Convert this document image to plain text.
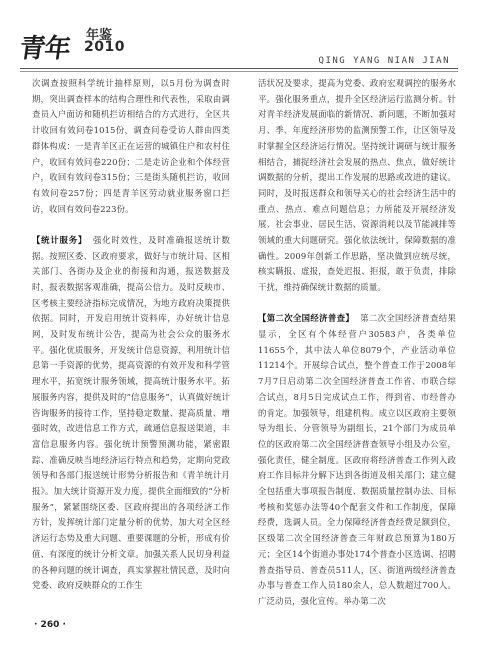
青年 年鉴
2010
QING YANG NIAN JIAN

次调查按照科学统计抽样原则，以5月份为调查时期，突出调查样本的结构合理性和代表性，采取由调查员入户面访和随机拦访相结合的方式进行，全区共计收回有效问卷1015份，调查问卷受访人群由四类群体构成：一是青羊区正在运营的城镇住户和农村住户，收回有效问卷220份；二是走访企业和个体经营户，收回有效问卷315份；三是街头随机拦访，收回有效问卷257份；四是青羊区劳动就业服务窗口拦访，收回有效问卷223份。

【统计服务】 强化时效性，及时准确报送统计数据。按照区委、区政府要求，做好与市统计局、区相关部门、各街办及企业的衔接和沟通，报送数据及时，报表数据客观准确，提高公信力。及时反映市、区考核主要经济指标完成情况，为地方政府决策提供依据。同时，开发启用统计资料库，办好统计信息网，及时发布统计公告，提高为社会公众的服务水平。强化优质服务，开发统计信息资源，利用统计信息第一手资源的优势，提高资源的有效开发和科学管理水平，拓宽统计服务领域，提高统计服务水平。拓展服务内容，提供及时的“信息服务”，认真做好统计咨询服务的接待工作，坚持稳定数量、提高质量、增强时效，改进信息工作方式，疏通信息报送渠道，丰富信息服务内容。强化统计预警预测功能，紧密跟踪、准确反映当地经济运行特点和趋势，定期向党政领导和各部门报送统计形势分析报告和《青羊统计月报》。加大统计资源开发力度，提供全面细致的“分析服务”，紧紧围绕区委、区政府提出的各项经济工作方针，发挥统计部门定量分析的优势，加大对全区经济运行态势及重大问题、重要课题的分析，形成有价值、有深度的统计分析文章。加强关系人民切身利益的各种问题的统计调查，真实掌握社情民意，及时向党委、政府反映群众的工作生

活状况及要求，提高为党委、政府宏观调控的服务水平。强化服务重点，提升全区经济运行监测分析。针对青羊经济发展面临的新情况、新问题，不断加强对月、季、年度经济形势的监测预警工作，让区领导及时掌握全区经济运行情况。坚持统计调研与统计服务相结合，捕捉经济社会发展的热点、焦点，做好统计调数据的分析，提出工作发展的思路或改进的建议。同时，及时报送群众和领导关心的社会经济生活中的重点、热点、难点问题信息；力所能及开展经济发展、社会事业、居民生活、资源消耗以及节能减排等领域的重大问题研究。强化依法统计，保障数据的准确性。2009年创新工作思路，坚决做到应统尽统，核实瞒报、虚报，查处迟报、拒报，敢于负责，排除干扰，维持确保统计数据的质量。

【第二次全国经济普查】 第二次全国经济普查结果显示，全区有个体经营户30583户，各类单位11655个，其中法人单位8079个，产业活动单位11214个。开展综合试点，整个普查工作于2008年7月7日启动第二次全国经济普查工作省、市联合综合试点，8月5日完成试点工作，得到省、市经普办的肯定。加强领导，组建机构。成立以区政府主要领导为组长、分管领导为副组长，21个部门为成员单位的区政府第二次全国经济普查领导小组及办公室，强化责任，健全制度。区政府将经济普查工作列入政府工作目标并分解下达到各街道及相关部门；建立健全包括重大事项报告制度、数据质量控制办法、目标考核和奖惩办法等40个配套文件和工作制度，保障经费，选调人员。全力保障经济普查经费足额到位，区级第二次全国经济普查三年财政总预算为180万元；全区14个街道办事处174个普查小区选调、招聘普查指导员、普查员511人，区、街道两级经济普查办事与普查工作人员180余人，总人数超过700人。广泛动员，强化宣传。举办第二次

· 260 ·
